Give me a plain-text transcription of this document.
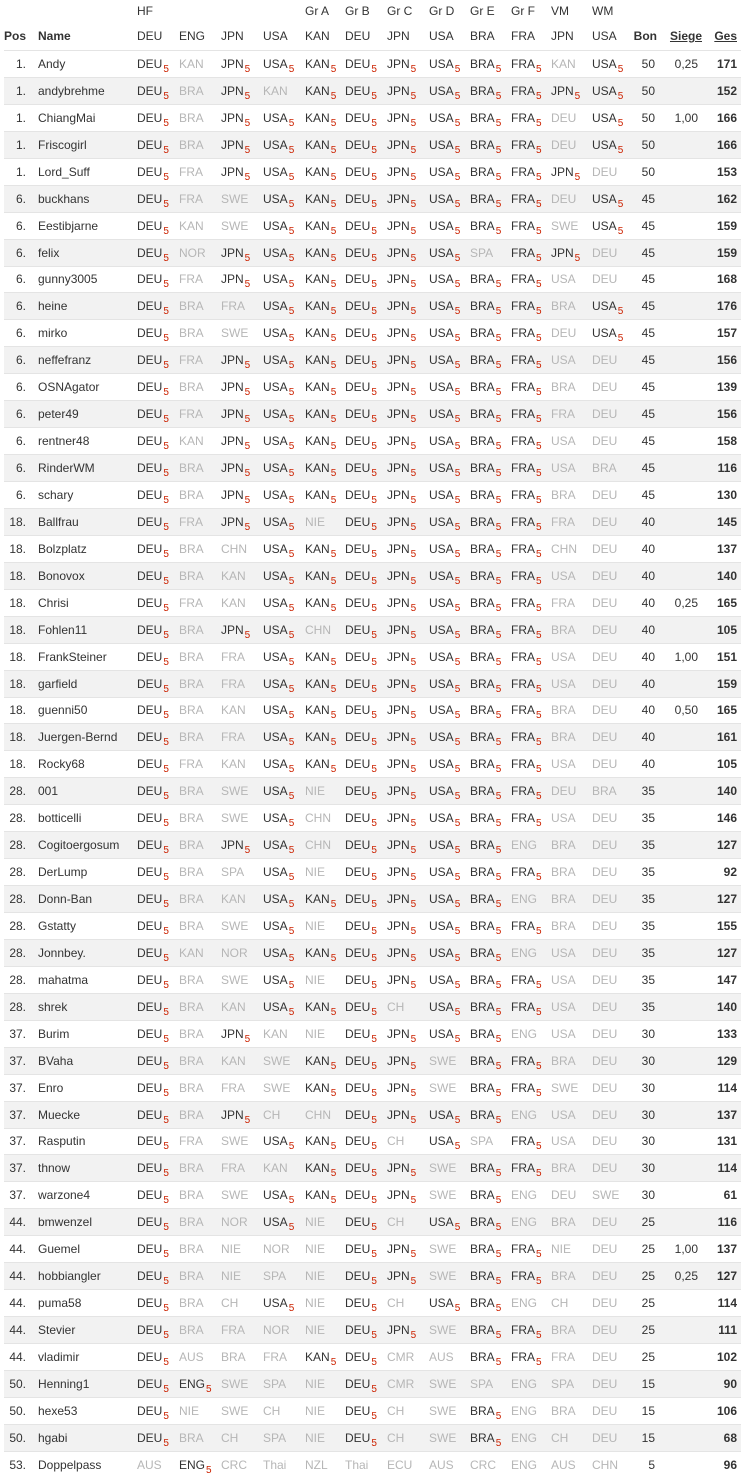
		HF				Gr A	Gr B	Gr C	Gr D	Gr E	Gr F	VM	WM			
Pos	Name	DEU	ENG	JPN	USA	KAN	DEU	JPN	USA	BRA	FRA	JPN	USA	Bon	Siege	Ges
1.	Andy	$DEU_5$	KAN	$JPN_5$	$USA_5$	$KAN_5$	$DEU_5$	$JPN_5$	$USA_5$	$BRA_5$	$FRA_5$	KAN	$USA_5$	50	0,25	171
1.	andybrehme	$DEU_5$	BRA	$JPN_5$	KAN	$KAN_5$	$DEU_5$	$JPN_5$	$USA_5$	$BRA_5$	$FRA_5$	$JPN_5$	$USA_5$	50		152
1.	ChiangMai	$DEU_5$	BRA	$JPN_5$	$USA_5$	$KAN_5$	$DEU_5$	$JPN_5$	$USA_5$	$BRA_5$	$FRA_5$	DEU	$USA_5$	50	1,00	166
1.	Friscogirl	$DEU_5$	BRA	$JPN_5$	$USA_5$	$KAN_5$	$DEU_5$	$JPN_5$	$USA_5$	$BRA_5$	$FRA_5$	DEU	$USA_5$	50		166
1.	Lord_Suff	$DEU_5$	FRA	$JPN_5$	$USA_5$	$KAN_5$	$DEU_5$	$JPN_5$	$USA_5$	$BRA_5$	$FRA_5$	$JPN_5$	DEU	50		153
6.	buckhans	$DEU_5$	FRA	SWE	$USA_5$	$KAN_5$	$DEU_5$	$JPN_5$	$USA_5$	$BRA_5$	$FRA_5$	DEU	$USA_5$	45		162
6.	Eestibjarne	$DEU_5$	KAN	SWE	$USA_5$	$KAN_5$	$DEU_5$	$JPN_5$	$USA_5$	$BRA_5$	$FRA_5$	SWE	$USA_5$	45		159
6.	felix	$DEU_5$	NOR	$JPN_5$	$USA_5$	$KAN_5$	$DEU_5$	$JPN_5$	$USA_5$	SPA	$FRA_5$	$JPN_5$	DEU	45		159
6.	gunny3005	$DEU_5$	FRA	$JPN_5$	$USA_5$	$KAN_5$	$DEU_5$	$JPN_5$	$USA_5$	$BRA_5$	$FRA_5$	USA	DEU	45		168
6.	heine	$DEU_5$	BRA	FRA	$USA_5$	$KAN_5$	$DEU_5$	$JPN_5$	$USA_5$	$BRA_5$	$FRA_5$	BRA	$USA_5$	45		176
6.	mirko	$DEU_5$	BRA	SWE	$USA_5$	$KAN_5$	$DEU_5$	$JPN_5$	$USA_5$	$BRA_5$	$FRA_5$	DEU	$USA_5$	45		157
6.	neffefranz	$DEU_5$	FRA	$JPN_5$	$USA_5$	$KAN_5$	$DEU_5$	$JPN_5$	$USA_5$	$BRA_5$	$FRA_5$	USA	DEU	45		156
6.	OSNAgator	$DEU_5$	BRA	$JPN_5$	$USA_5$	$KAN_5$	$DEU_5$	$JPN_5$	$USA_5$	$BRA_5$	$FRA_5$	BRA	DEU	45		139
6.	peter49	$DEU_5$	FRA	$JPN_5$	$USA_5$	$KAN_5$	$DEU_5$	$JPN_5$	$USA_5$	$BRA_5$	$FRA_5$	FRA	DEU	45		156
6.	rentner48	$DEU_5$	KAN	$JPN_5$	$USA_5$	$KAN_5$	$DEU_5$	$JPN_5$	$USA_5$	$BRA_5$	$FRA_5$	USA	DEU	45		158
6.	RinderWM	$DEU_5$	BRA	$JPN_5$	$USA_5$	$KAN_5$	$DEU_5$	$JPN_5$	$USA_5$	$BRA_5$	$FRA_5$	USA	BRA	45		116
6.	schary	$DEU_5$	BRA	$JPN_5$	$USA_5$	$KAN_5$	$DEU_5$	$JPN_5$	$USA_5$	$BRA_5$	$FRA_5$	BRA	DEU	45		130
18.	Ballfrau	$DEU_5$	FRA	$JPN_5$	$USA_5$	NIE	$DEU_5$	$JPN_5$	$USA_5$	$BRA_5$	$FRA_5$	FRA	DEU	40		145
18.	Bolzplatz	$DEU_5$	BRA	CHN	$USA_5$	$KAN_5$	$DEU_5$	$JPN_5$	$USA_5$	$BRA_5$	$FRA_5$	CHN	DEU	40		137
18.	Bonovox	$DEU_5$	BRA	KAN	$USA_5$	$KAN_5$	$DEU_5$	$JPN_5$	$USA_5$	$BRA_5$	$FRA_5$	USA	DEU	40		140
18.	Chrisi	$DEU_5$	FRA	KAN	$USA_5$	$KAN_5$	$DEU_5$	$JPN_5$	$USA_5$	$BRA_5$	$FRA_5$	FRA	DEU	40	0,25	165
18.	Fohlen11	$DEU_5$	BRA	$JPN_5$	$USA_5$	CHN	$DEU_5$	$JPN_5$	$USA_5$	$BRA_5$	$FRA_5$	BRA	DEU	40		105
18.	FrankSteiner	$DEU_5$	BRA	FRA	$USA_5$	$KAN_5$	$DEU_5$	$JPN_5$	$USA_5$	$BRA_5$	$FRA_5$	USA	DEU	40	1,00	151
18.	garfield	$DEU_5$	BRA	FRA	$USA_5$	$KAN_5$	$DEU_5$	$JPN_5$	$USA_5$	$BRA_5$	$FRA_5$	USA	DEU	40		159
18.	guenni50	$DEU_5$	BRA	KAN	$USA_5$	$KAN_5$	$DEU_5$	$JPN_5$	$USA_5$	$BRA_5$	$FRA_5$	BRA	DEU	40	0,50	165
18.	Juergen-Bernd	$DEU_5$	BRA	FRA	$USA_5$	$KAN_5$	$DEU_5$	$JPN_5$	$USA_5$	$BRA_5$	$FRA_5$	BRA	DEU	40		161
18.	Rocky68	$DEU_5$	FRA	KAN	$USA_5$	$KAN_5$	$DEU_5$	$JPN_5$	$USA_5$	$BRA_5$	$FRA_5$	USA	DEU	40		105
28.	001	$DEU_5$	BRA	SWE	$USA_5$	NIE	$DEU_5$	$JPN_5$	$USA_5$	$BRA_5$	$FRA_5$	DEU	BRA	35		140
28.	botticelli	$DEU_5$	BRA	SWE	$USA_5$	CHN	$DEU_5$	$JPN_5$	$USA_5$	$BRA_5$	$FRA_5$	USA	DEU	35		146
28.	Cogitoergosum	$DEU_5$	BRA	$JPN_5$	$USA_5$	CHN	$DEU_5$	$JPN_5$	$USA_5$	$BRA_5$	ENG	BRA	DEU	35		127
28.	DerLump	$DEU_5$	BRA	SPA	$USA_5$	NIE	$DEU_5$	$JPN_5$	$USA_5$	$BRA_5$	$FRA_5$	BRA	DEU	35		92
28.	Donn-Ban	$DEU_5$	BRA	KAN	$USA_5$	$KAN_5$	$DEU_5$	$JPN_5$	$USA_5$	$BRA_5$	ENG	BRA	DEU	35		127
28.	Gstatty	$DEU_5$	BRA	SWE	$USA_5$	NIE	$DEU_5$	$JPN_5$	$USA_5$	$BRA_5$	$FRA_5$	BRA	DEU	35		155
28.	Jonnbey.	$DEU_5$	KAN	NOR	$USA_5$	$KAN_5$	$DEU_5$	$JPN_5$	$USA_5$	$BRA_5$	ENG	USA	DEU	35		127
28.	mahatma	$DEU_5$	BRA	SWE	$USA_5$	NIE	$DEU_5$	$JPN_5$	$USA_5$	$BRA_5$	$FRA_5$	USA	DEU	35		147
28.	shrek	$DEU_5$	BRA	KAN	$USA_5$	$KAN_5$	$DEU_5$	CH	$USA_5$	$BRA_5$	$FRA_5$	USA	DEU	35		140
37.	Burim	$DEU_5$	BRA	$JPN_5$	KAN	NIE	$DEU_5$	$JPN_5$	$USA_5$	$BRA_5$	ENG	USA	DEU	30		133
37.	BVaha	$DEU_5$	BRA	KAN	SWE	$KAN_5$	$DEU_5$	$JPN_5$	SWE	$BRA_5$	$FRA_5$	BRA	DEU	30		129
37.	Enro	$DEU_5$	BRA	FRA	SWE	$KAN_5$	$DEU_5$	$JPN_5$	SWE	$BRA_5$	$FRA_5$	SWE	DEU	30		114
37.	Muecke	$DEU_5$	BRA	$JPN_5$	CH	CHN	$DEU_5$	$JPN_5$	$USA_5$	$BRA_5$	ENG	USA	DEU	30		137
37.	Rasputin	$DEU_5$	FRA	SWE	$USA_5$	$KAN_5$	$DEU_5$	CH	$USA_5$	SPA	$FRA_5$	USA	DEU	30		131
37.	thnow	$DEU_5$	BRA	FRA	KAN	$KAN_5$	$DEU_5$	$JPN_5$	SWE	$BRA_5$	$FRA_5$	BRA	DEU	30		114
37.	warzone4	$DEU_5$	BRA	SWE	$USA_5$	$KAN_5$	$DEU_5$	$JPN_5$	SWE	$BRA_5$	ENG	DEU	SWE	30		61
44.	bmwenzel	$DEU_5$	BRA	NOR	$USA_5$	NIE	$DEU_5$	CH	$USA_5$	$BRA_5$	ENG	BRA	DEU	25		116
44.	Guemel	$DEU_5$	BRA	NIE	NOR	NIE	$DEU_5$	$JPN_5$	SWE	$BRA_5$	$FRA_5$	NIE	DEU	25	1,00	137
44.	hobbiangler	$DEU_5$	BRA	NIE	SPA	NIE	$DEU_5$	$JPN_5$	SWE	$BRA_5$	$FRA_5$	BRA	DEU	25	0,25	127
44.	puma58	$DEU_5$	BRA	CH	$USA_5$	NIE	$DEU_5$	CH	$USA_5$	$BRA_5$	ENG	CH	DEU	25		114
44.	Stevier	$DEU_5$	BRA	FRA	NOR	NIE	$DEU_5$	$JPN_5$	SWE	$BRA_5$	$FRA_5$	BRA	DEU	25		111
44.	vladimir	$DEU_5$	AUS	BRA	FRA	$KAN_5$	$DEU_5$	CMR	AUS	$BRA_5$	$FRA_5$	FRA	DEU	25		102
50.	Henning1	$DEU_5$	$ENG_5$	SWE	SPA	NIE	$DEU_5$	CMR	SWE	SPA	ENG	SPA	DEU	15		90
50.	hexe53	$DEU_5$	NIE	SWE	CH	NIE	$DEU_5$	CH	SWE	$BRA_5$	ENG	BRA	DEU	15		106
50.	hgabi	$DEU_5$	BRA	CH	SPA	NIE	$DEU_5$	CH	SWE	$BRA_5$	ENG	CH	DEU	15		68
53.	Doppelpass	AUS	$ENG_5$	CRC	Thai	NZL	Thai	ECU	AUS	CRC	ENG	AUS	CHN	5		96
